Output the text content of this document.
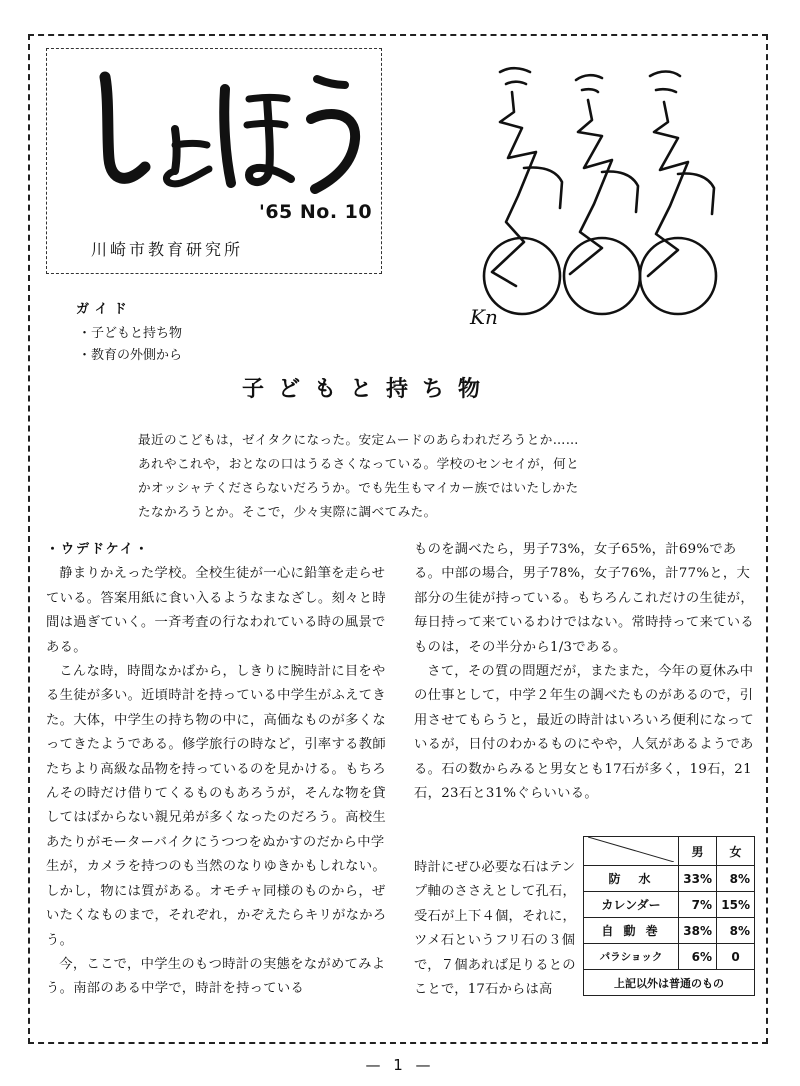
'65 No. 10
川崎市教育研究所
Kn
ガイド
・子どもと持ち物
・教育の外側から
子どもと持ち物
最近のこどもは，ゼイタクになった。安定ムードのあらわれだろうとか……
あれやこれや，おとなの口はうるさくなっている。学校のセンセイが，何と
かオッシャテくださらないだろうか。でも先生もマイカー族ではいたしかた
たなかろうとか。そこで，少々実際に調べてみた。

・ウデドケイ・

静まりかえった学校。全校生徒が一心に鉛筆を走らせている。答案用紙に食い入るようなまなざし。刻々と時間は過ぎていく。一斉考査の行なわれている時の風景である。

こんな時，時間なかばから，しきりに腕時計に目をやる生徒が多い。近頃時計を持っている中学生がふえてきた。大体，中学生の持ち物の中に，高価なものが多くなってきたようである。修学旅行の時など，引率する教師たちより高級な品物を持っているのを見かける。もちろんその時だけ借りてくるものもあろうが，そんな物を貸してはばからない親兄弟が多くなったのだろう。高校生あたりがモーターバイクにうつつをぬかすのだから中学生が，カメラを持つのも当然のなりゆきかもしれない。しかし，物には質がある。オモチャ同様のものから，ぜいたくなものまで，それぞれ，かぞえたらキリがなかろう。

今，ここで，中学生のもつ時計の実態をながめてみよう。南部のある中学で，時計を持っている

ものを調べたら，男子73%，女子65%，計69%である。中部の場合，男子78%，女子76%，計77%と，大部分の生徒が持っている。もちろんこれだけの生徒が，毎日持って来ているわけではない。常時持って来ているものは，その半分から1/3である。

さて，その質の問題だが，またまた，今年の夏休み中の仕事として，中学２年生の調べたものがあるので，引用させてもらうと，最近の時計はいろいろ便利になっているが，日付のわかるものにやや，人気があるようである。石の数からみると男女とも17石が多く，19石，21石，23石と31%ぐらいいる。

時計にぜひ必要な石はテンプ軸のささえとして孔石，受石が上下４個，それに，ツメ石というフリ石の３個で，７個あれば足りるとのことで，17石からは高

	男	女
防　水	33%	8%
カレンダー	7%	15%
自 動 巻	38%	8%
パラショック	6%	0
上記以外は普通のもの		
— 1 —
